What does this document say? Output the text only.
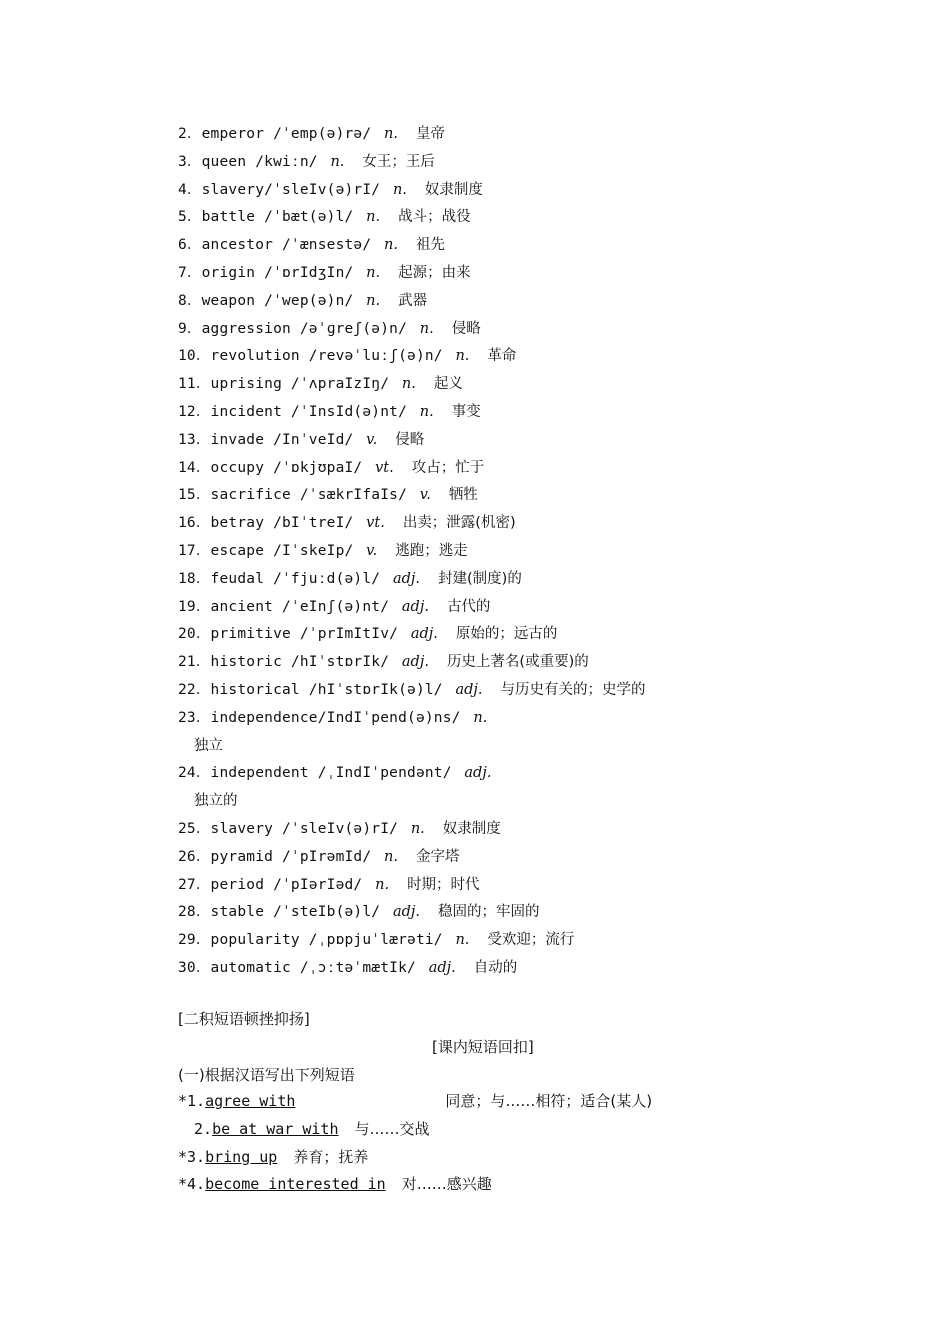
2．emperor /ˈemp(ə)rə/ n. 皇帝
3．queen /kwiːn/ n. 女王；王后
4．slavery/ˈsleIv(ə)rI/ n. 奴隶制度
5．battle /ˈbæt(ə)l/ n. 战斗；战役
6．ancestor /ˈænsestə/ n. 祖先
7．origin /ˈɒrIdʒIn/ n. 起源；由来
8．weapon /ˈwep(ə)n/ n. 武器
9．aggression /əˈɡreʃ(ə)n/ n. 侵略
10．revolution /revəˈluːʃ(ə)n/ n. 革命
11．uprising /ˈʌpraIzIŋ/ n. 起义
12．incident /ˈInsId(ə)nt/ n. 事变
13．invade /InˈveId/ v. 侵略
14．occupy /ˈɒkjʊpaI/ vt. 攻占；忙于
15．sacrifice /ˈsækrIfaIs/ v. 牺牲
16．betray /bIˈtreI/ vt. 出卖；泄露(机密)
17．escape /IˈskeIp/ v. 逃跑；逃走
18．feudal /ˈfjuːd(ə)l/ adj. 封建(制度)的
19．ancient /ˈeInʃ(ə)nt/ adj. 古代的
20．primitive /ˈprImItIv/ adj. 原始的；远古的
21．historic /hIˈstɒrIk/ adj. 历史上著名(或重要)的
22．historical /hIˈstɒrIk(ə)l/ adj. 与历史有关的；史学的
23．independence/IndIˈpend(ə)ns/ n.
独立
24．independent /ˌIndIˈpendənt/ adj.
独立的
25．slavery /ˈsleIv(ə)rI/ n. 奴隶制度
26．pyramid /ˈpIrəmId/ n. 金字塔
27．period /ˈpIərIəd/ n. 时期；时代
28．stable /ˈsteIb(ə)l/ adj. 稳固的；牢固的
29．popularity /ˌpɒpjuˈlærəti/ n. 受欢迎；流行
30．automatic /ˌɔːtəˈmætIk/ adj. 自动的
[二积短语顿挫抑扬]
[课内短语回扣]
(一)根据汉语写出下列短语
*1.agree with	同意；与……相符；适合(某人)
2.be at war with 与……交战
*3.bring up 养育；抚养
*4.become interested in 对……感兴趣
